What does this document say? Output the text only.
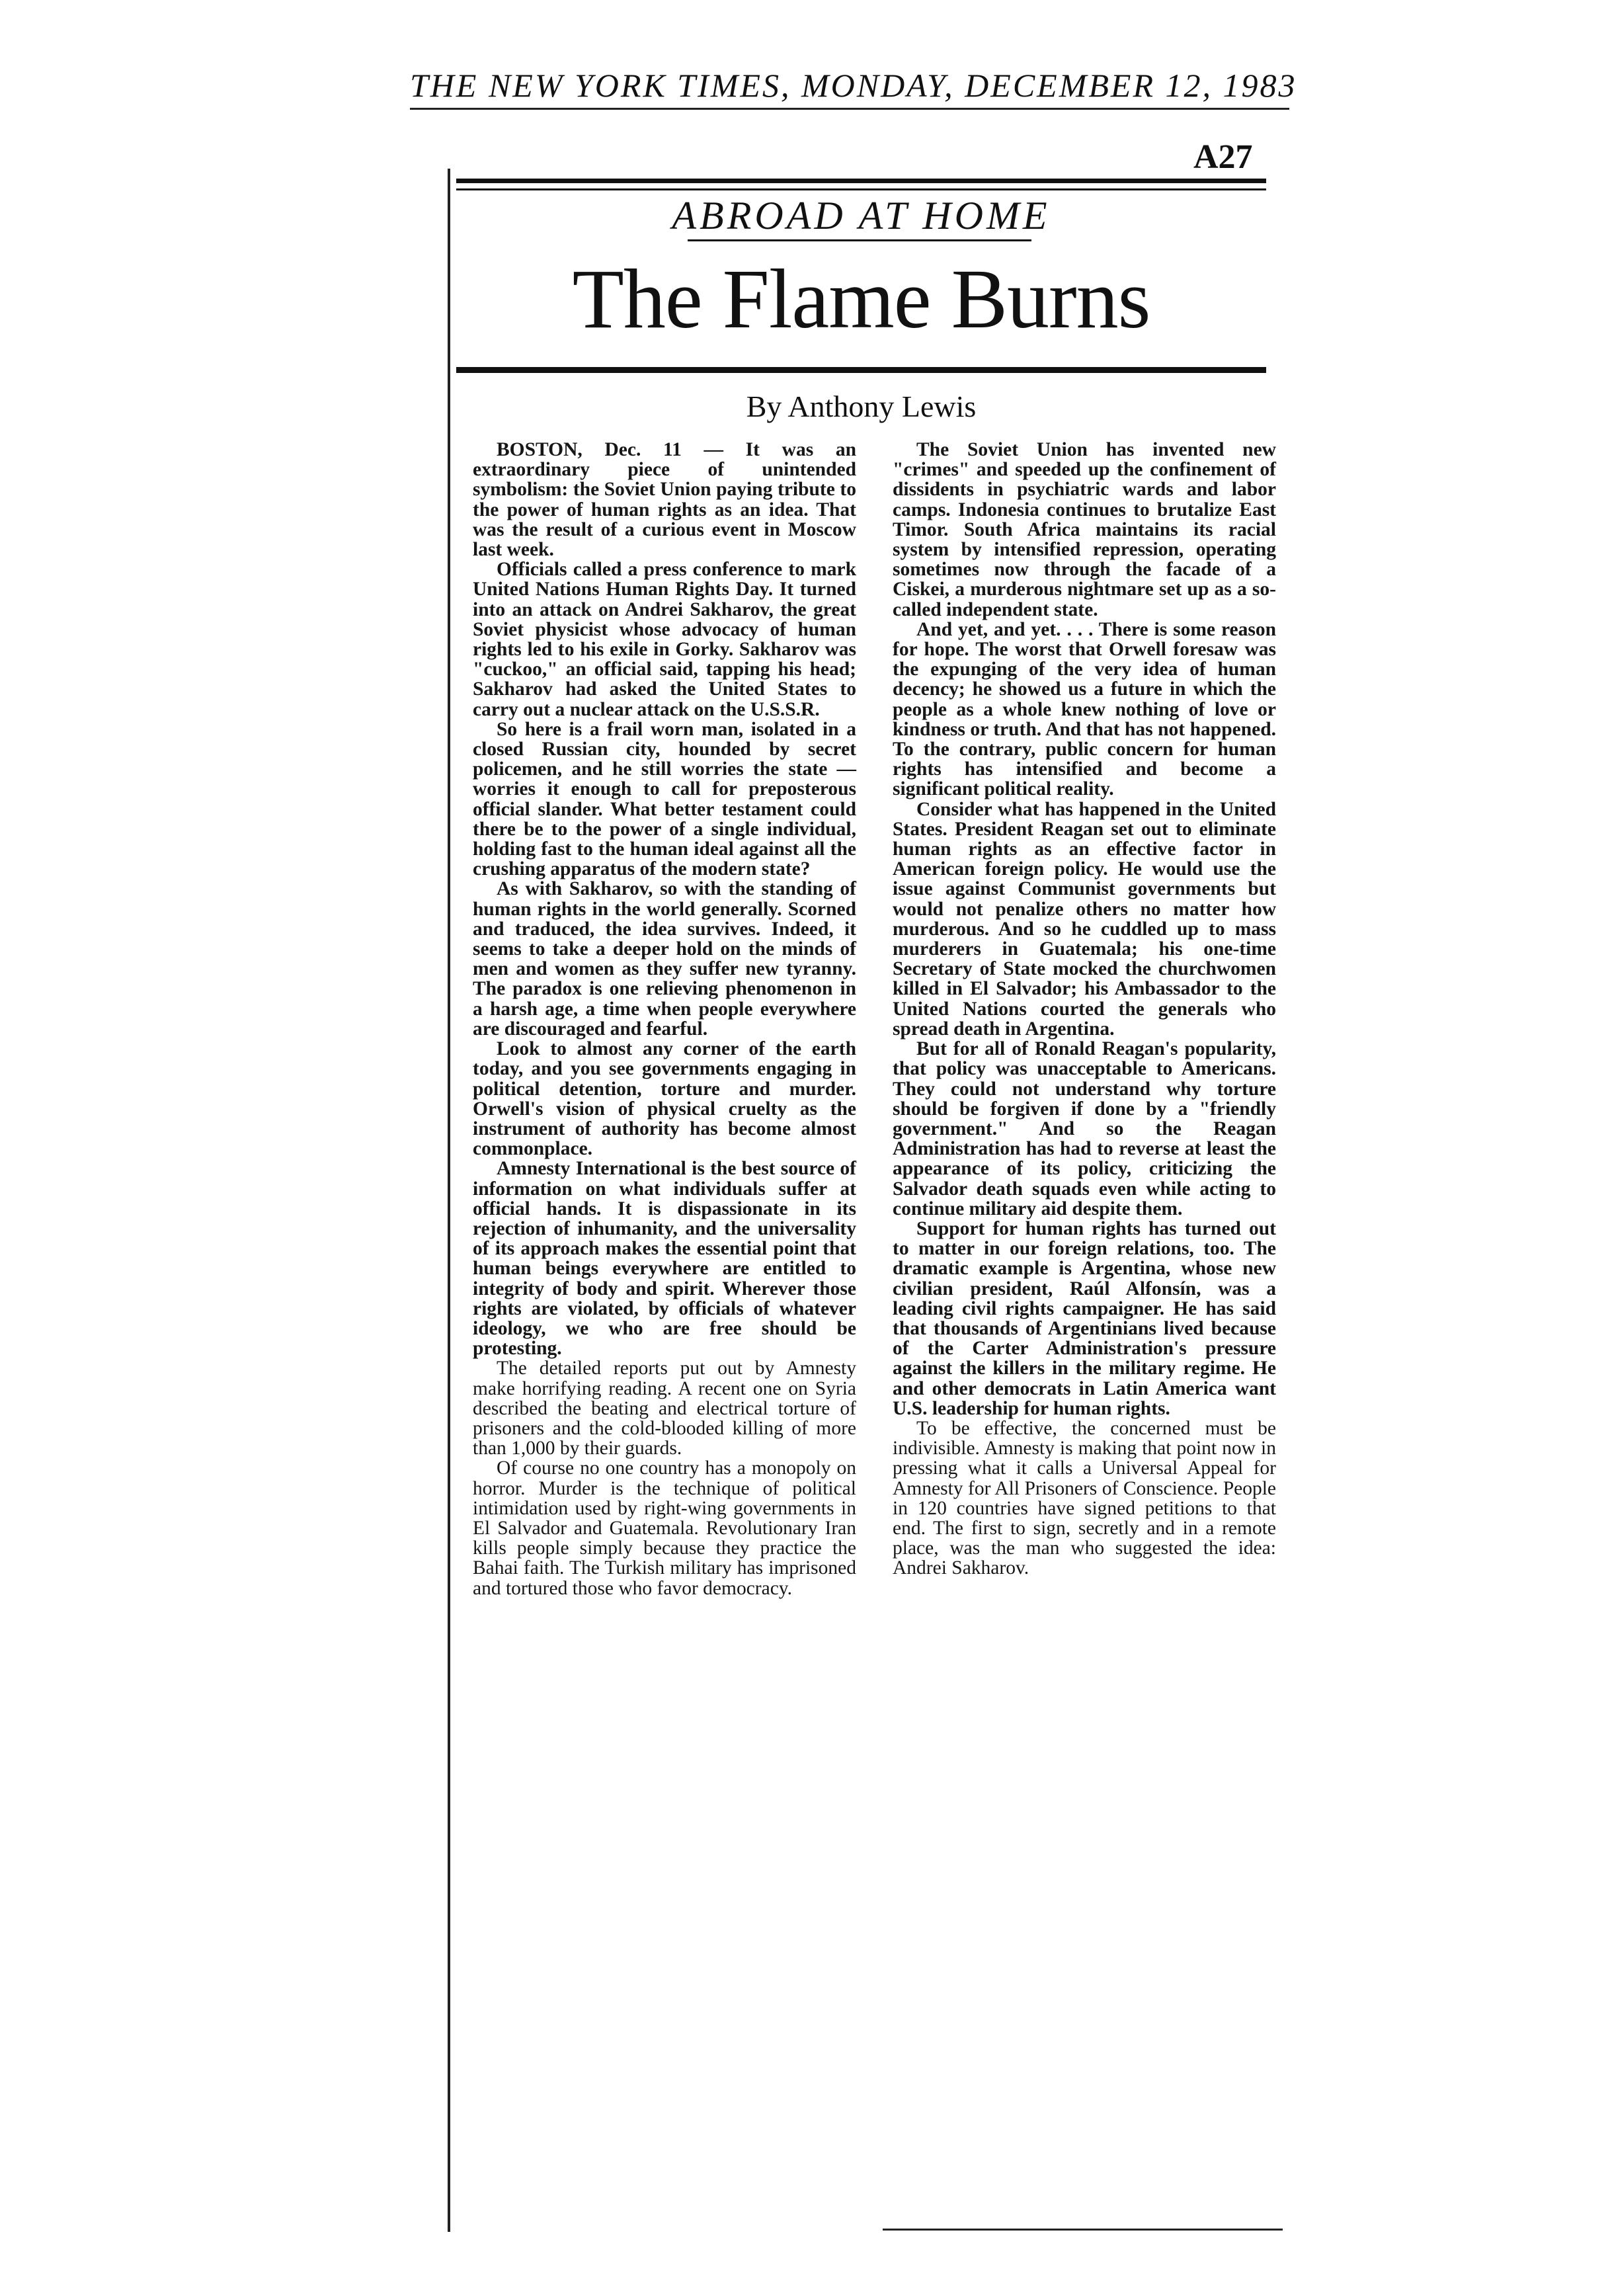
THE NEW YORK TIMES, MONDAY, DECEMBER 12, 1983
A27
ABROAD AT HOME
The Flame Burns
By Anthony Lewis

BOSTON, Dec. 11 — It was an extraordinary piece of unintended symbolism: the Soviet Union paying tribute to the power of human rights as an idea. That was the result of a curious event in Moscow last week.

Officials called a press conference to mark United Nations Human Rights Day. It turned into an attack on Andrei Sakharov, the great Soviet physicist whose advocacy of human rights led to his exile in Gorky. Sakharov was "cuckoo," an official said, tapping his head; Sakharov had asked the United States to carry out a nuclear attack on the U.S.S.R.

So here is a frail worn man, isolated in a closed Russian city, hounded by secret policemen, and he still worries the state — worries it enough to call for preposterous official slander. What better testament could there be to the power of a single individual, holding fast to the human ideal against all the crushing apparatus of the modern state?

As with Sakharov, so with the standing of human rights in the world generally. Scorned and traduced, the idea survives. Indeed, it seems to take a deeper hold on the minds of men and women as they suffer new tyranny. The paradox is one relieving phenomenon in a harsh age, a time when people everywhere are discouraged and fearful.

Look to almost any corner of the earth today, and you see governments engaging in political detention, torture and murder. Orwell's vision of physical cruelty as the instrument of authority has become almost commonplace.

Amnesty International is the best source of information on what individuals suffer at official hands. It is dispassionate in its rejection of inhumanity, and the universality of its approach makes the essential point that human beings everywhere are entitled to integrity of body and spirit. Wherever those rights are violated, by officials of whatever ideology, we who are free should be protesting.

The detailed reports put out by Amnesty make horrifying reading. A recent one on Syria described the beating and electrical torture of prisoners and the cold-blooded killing of more than 1,000 by their guards.

Of course no one country has a monopoly on horror. Murder is the technique of political intimidation used by right-wing governments in El Salvador and Guatemala. Revolutionary Iran kills people simply because they practice the Bahai faith. The Turkish military has imprisoned and tortured those who favor democracy.

The Soviet Union has invented new "crimes" and speeded up the confinement of dissidents in psychiatric wards and labor camps. Indonesia continues to brutalize East Timor. South Africa maintains its racial system by intensified repression, operating sometimes now through the facade of a Ciskei, a murderous nightmare set up as a so-called independent state.

And yet, and yet. . . . There is some reason for hope. The worst that Orwell foresaw was the expunging of the very idea of human decency; he showed us a future in which the people as a whole knew nothing of love or kindness or truth. And that has not happened. To the contrary, public concern for human rights has intensified and become a significant political reality.

Consider what has happened in the United States. President Reagan set out to eliminate human rights as an effective factor in American foreign policy. He would use the issue against Communist governments but would not penalize others no matter how murderous. And so he cuddled up to mass murderers in Guatemala; his one-time Secretary of State mocked the churchwomen killed in El Salvador; his Ambassador to the United Nations courted the generals who spread death in Argentina.

But for all of Ronald Reagan's popularity, that policy was unacceptable to Americans. They could not understand why torture should be forgiven if done by a "friendly government." And so the Reagan Administration has had to reverse at least the appearance of its policy, criticizing the Salvador death squads even while acting to continue military aid despite them.

Support for human rights has turned out to matter in our foreign relations, too. The dramatic example is Argentina, whose new civilian president, Raúl Alfonsín, was a leading civil rights campaigner. He has said that thousands of Argentinians lived because of the Carter Administration's pressure against the killers in the military regime. He and other democrats in Latin America want U.S. leadership for human rights.

To be effective, the concerned must be indivisible. Amnesty is making that point now in pressing what it calls a Universal Appeal for Amnesty for All Prisoners of Conscience. People in 120 countries have signed petitions to that end. The first to sign, secretly and in a remote place, was the man who suggested the idea: Andrei Sakharov.
